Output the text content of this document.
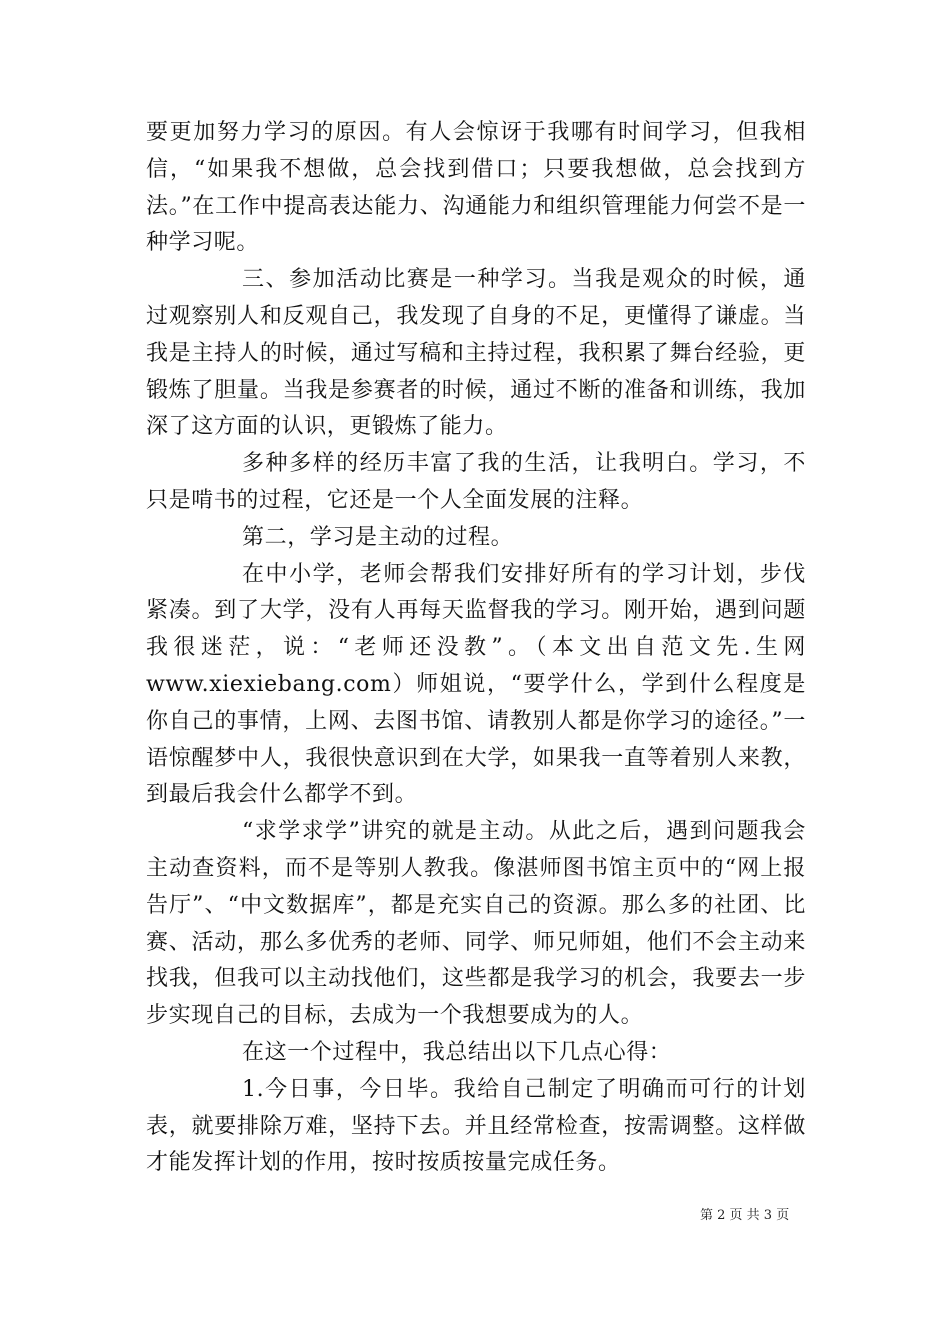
要更加努力学习的原因。有人会惊讶于我哪有时间学习，但我相信，“如果我不想做，总会找到借口；只要我想做，总会找到方法。”在工作中提高表达能力、沟通能力和组织管理能力何尝不是一种学习呢。

三、参加活动比赛是一种学习。当我是观众的时候，通过观察别人和反观自己，我发现了自身的不足，更懂得了谦虚。当我是主持人的时候，通过写稿和主持过程，我积累了舞台经验，更锻炼了胆量。当我是参赛者的时候，通过不断的准备和训练，我加深了这方面的认识，更锻炼了能力。

多种多样的经历丰富了我的生活，让我明白。学习，不只是啃书的过程，它还是一个人全面发展的注释。

第二，学习是主动的过程。

在中小学，老师会帮我们安排好所有的学习计划，步伐紧凑。到了大学，没有人再每天监督我的学习。刚开始，遇到问题我很迷茫，说：“老师还没教”。（本文出自范文先.生网www.xiexiebang.com）师姐说，“要学什么，学到什么程度是你自己的事情，上网、去图书馆、请教别人都是你学习的途径。”一语惊醒梦中人，我很快意识到在大学，如果我一直等着别人来教，到最后我会什么都学不到。

“求学求学”讲究的就是主动。从此之后，遇到问题我会主动查资料，而不是等别人教我。像湛师图书馆主页中的“网上报告厅”、“中文数据库”，都是充实自己的资源。那么多的社团、比赛、活动，那么多优秀的老师、同学、师兄师姐，他们不会主动来找我，但我可以主动找他们，这些都是我学习的机会，我要去一步步实现自己的目标，去成为一个我想要成为的人。

在这一个过程中，我总结出以下几点心得：

1.今日事，今日毕。我给自己制定了明确而可行的计划表，就要排除万难，坚持下去。并且经常检查，按需调整。这样做才能发挥计划的作用，按时按质按量完成任务。

第 2 页 共 3 页
